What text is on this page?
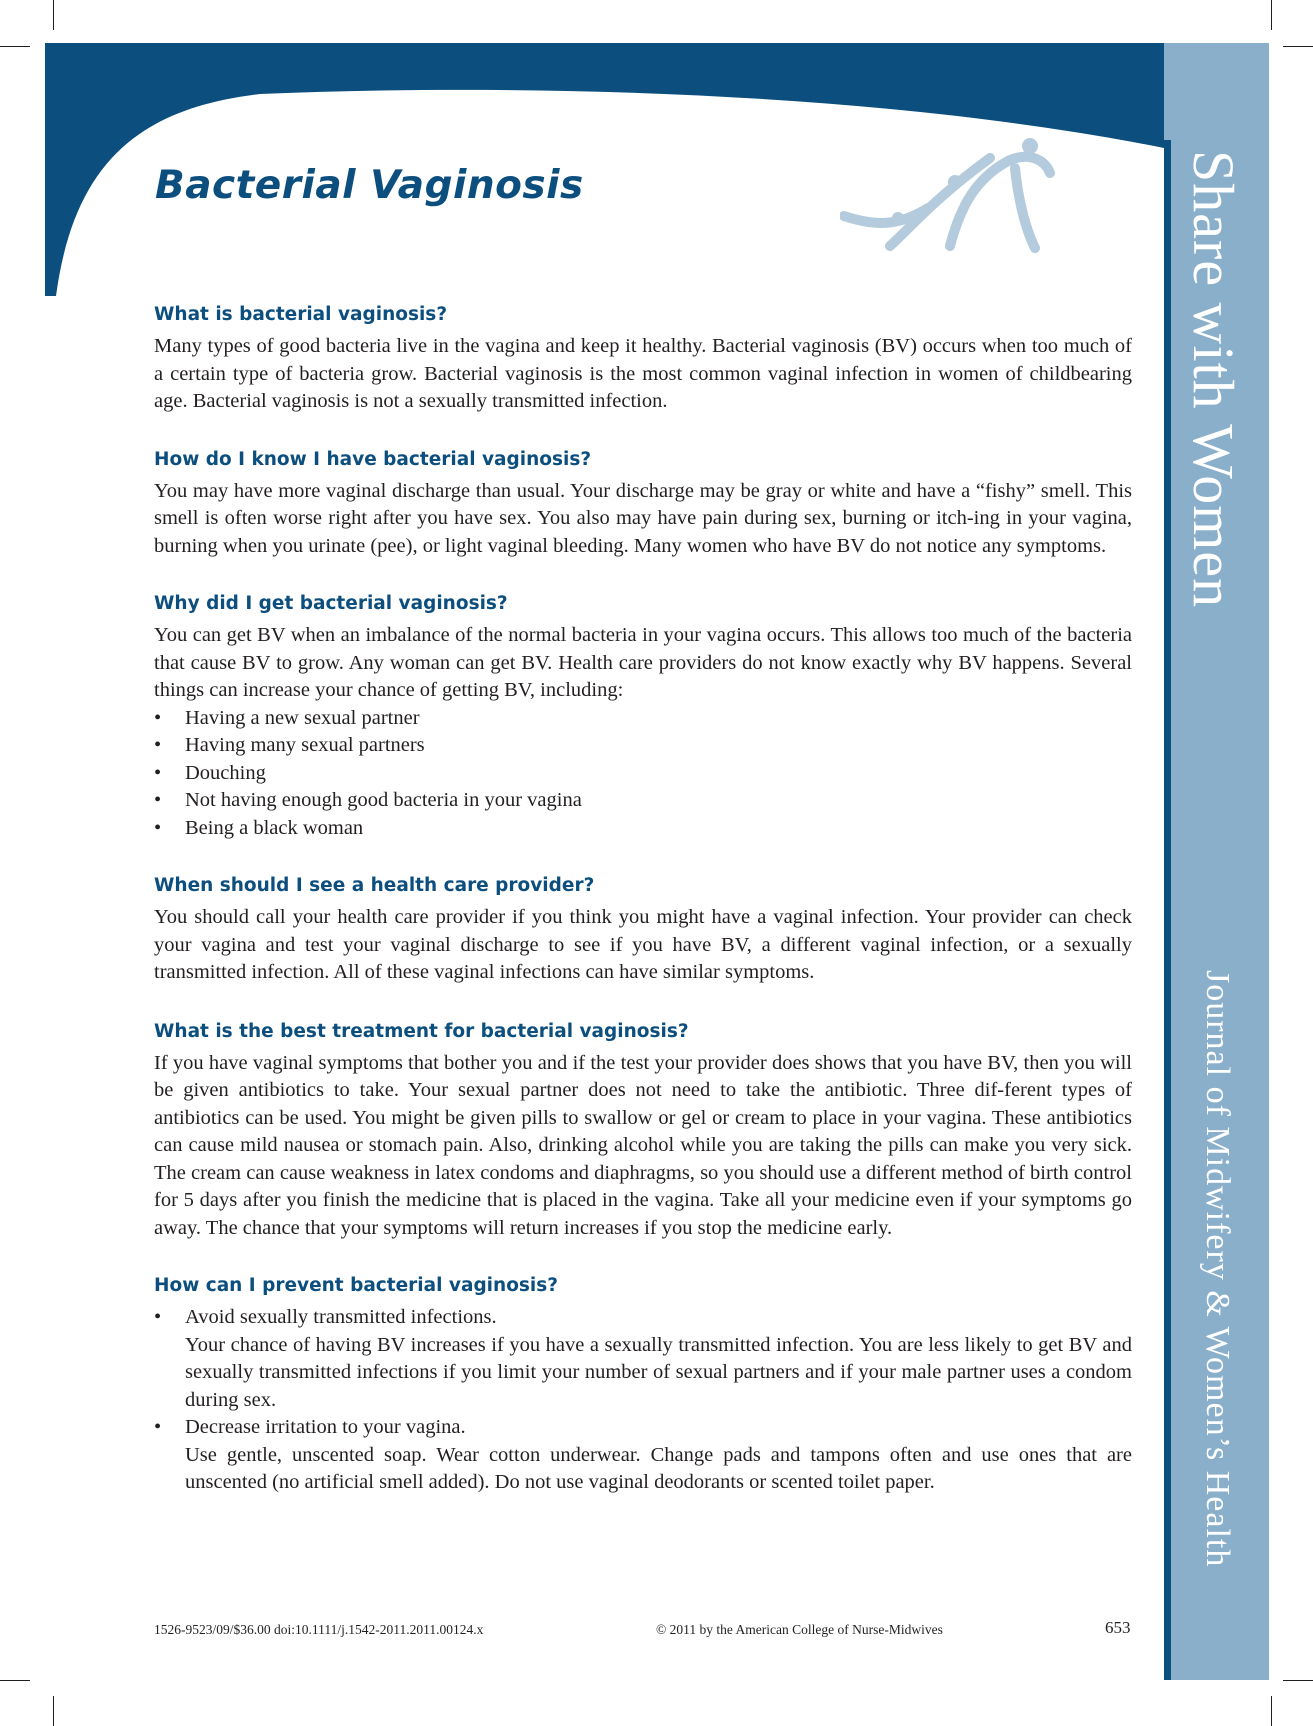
Share with Women
Journal of Midwifery & Women’s Health
Bacterial Vaginosis
What is bacterial vaginosis?

Many types of good bacteria live in the vagina and keep it healthy. Bacterial vaginosis (BV) occurs when too much of a certain type of bacteria grow. Bacterial vaginosis is the most common vaginal infection in women of childbearing age. Bacterial vaginosis is not a sexually transmitted infection.

How do I know I have bacterial vaginosis?

You may have more vaginal discharge than usual. Your discharge may be gray or white and have a “fishy” smell. This smell is often worse right after you have sex. You also may have pain during sex, burning or itch-ing in your vagina, burning when you urinate (pee), or light vaginal bleeding. Many women who have BV do not notice any symptoms.

Why did I get bacterial vaginosis?

You can get BV when an imbalance of the normal bacteria in your vagina occurs. This allows too much of the bacteria that cause BV to grow. Any woman can get BV. Health care providers do not know exactly why BV happens. Several things can increase your chance of getting BV, including:

• Having a new sexual partner
• Having many sexual partners
• Douching
• Not having enough good bacteria in your vagina
• Being a black woman
When should I see a health care provider?

You should call your health care provider if you think you might have a vaginal infection. Your provider can check your vagina and test your vaginal discharge to see if you have BV, a different vaginal infection, or a sexually transmitted infection. All of these vaginal infections can have similar symptoms.

What is the best treatment for bacterial vaginosis?

If you have vaginal symptoms that bother you and if the test your provider does shows that you have BV, then you will be given antibiotics to take. Your sexual partner does not need to take the antibiotic. Three dif-ferent types of antibiotics can be used. You might be given pills to swallow or gel or cream to place in your vagina. These antibiotics can cause mild nausea or stomach pain. Also, drinking alcohol while you are taking the pills can make you very sick. The cream can cause weakness in latex condoms and diaphragms, so you should use a different method of birth control for 5 days after you finish the medicine that is placed in the vagina. Take all your medicine even if your symptoms go away. The chance that your symptoms will return increases if you stop the medicine early.

How can I prevent bacterial vaginosis?
• Avoid sexually transmitted infections.

Your chance of having BV increases if you have a sexually transmitted infection. You are less likely to get BV and sexually transmitted infections if you limit your number of sexual partners and if your male partner uses a condom during sex.

• Decrease irritation to your vagina.

Use gentle, unscented soap. Wear cotton underwear. Change pads and tampons often and use ones that are unscented (no artificial smell added). Do not use vaginal deodorants or scented toilet paper.

1526-9523/09/$36.00 doi:10.1111/j.1542-2011.2011.00124.x	© 2011 by the American College of Nurse-Midwives	653
